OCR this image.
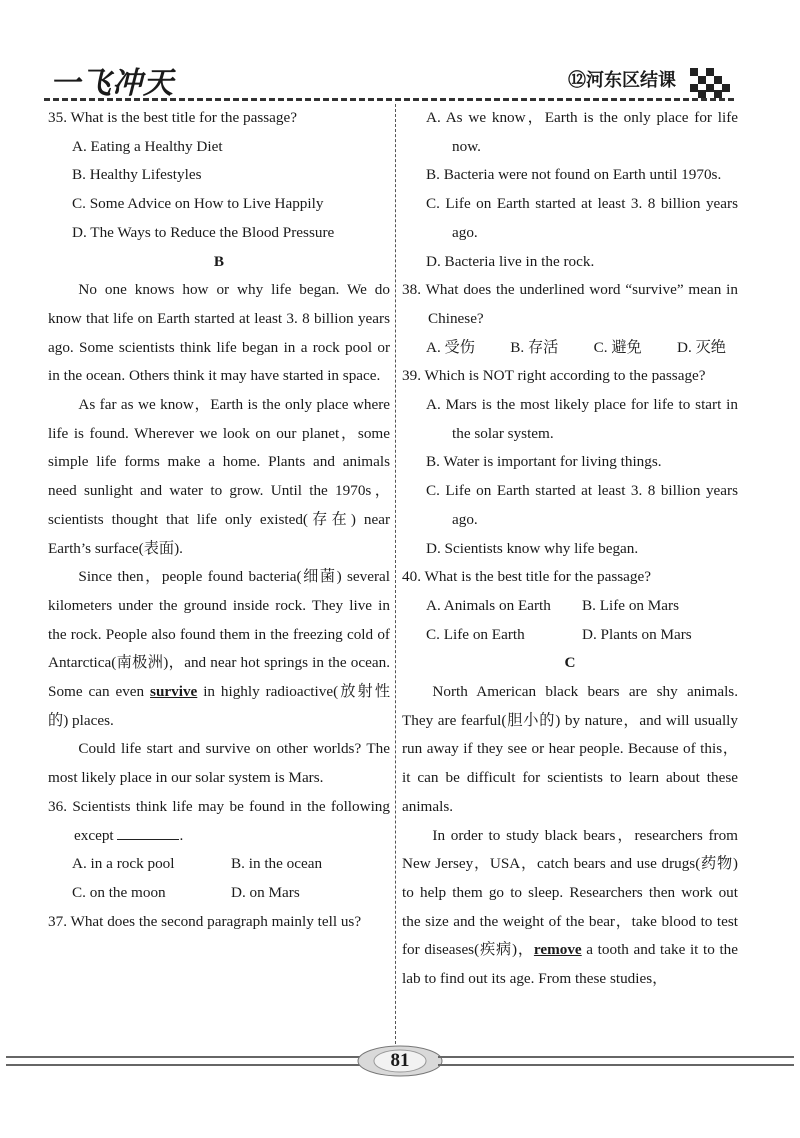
一飞冲天	⑫河东区结课

35. What is the best title for the passage?

A. Eating a Healthy Diet

B. Healthy Lifestyles

C. Some Advice on How to Live Happily

D. The Ways to Reduce the Blood Pressure

B

No one knows how or why life began. We do know that life on Earth started at least 3. 8 billion years ago. Some scientists think life began in a rock pool or in the ocean. Others think it may have started in space.

As far as we know，Earth is the only place where life is found. Wherever we look on our planet，some simple life forms make a home. Plants and animals need sunlight and water to grow. Until the 1970s，scientists thought that life only existed(存在) near Earth’s surface(表面).

Since then，people found bacteria(细菌) several kilometers under the ground inside rock. They live in the rock. People also found them in the freezing cold of Antarctica(南极洲)，and near hot springs in the ocean. Some can even survive in highly radioactive(放射性的) places.

Could life start and survive on other worlds? The most likely place in our solar system is Mars.

36. Scientists think life may be found in the following except	.

A. in a rock pool	B. in the ocean
C. on the moon	D. on Mars

37. What does the second paragraph mainly tell us?

A. As we know，Earth is the only place for life now.

B. Bacteria were not found on Earth until 1970s.

C. Life on Earth started at least 3. 8 billion years ago.

D. Bacteria live in the rock.

38. What does the underlined word “survive” mean in Chinese?

A. 受伤 B. 存活 C. 避免 D. 灭绝

39. Which is NOT right according to the passage?

A. Mars is the most likely place for life to start in the solar system.

B. Water is important for living things.

C. Life on Earth started at least 3. 8 billion years ago.

D. Scientists know why life began.

40. What is the best title for the passage?

A. Animals on Earth	B. Life on Mars
C. Life on Earth	D. Plants on Mars

C

North American black bears are shy animals. They are fearful(胆小的) by nature，and will usually run away if they see or hear people. Because of this，it can be difficult for scientists to learn about these animals.

In order to study black bears，researchers from New Jersey，USA，catch bears and use drugs(药物) to help them go to sleep. Researchers then work out the size and the weight of the bear，take blood to test for diseases(疾病)，remove a tooth and take it to the lab to find out its age. From these studies，

81
